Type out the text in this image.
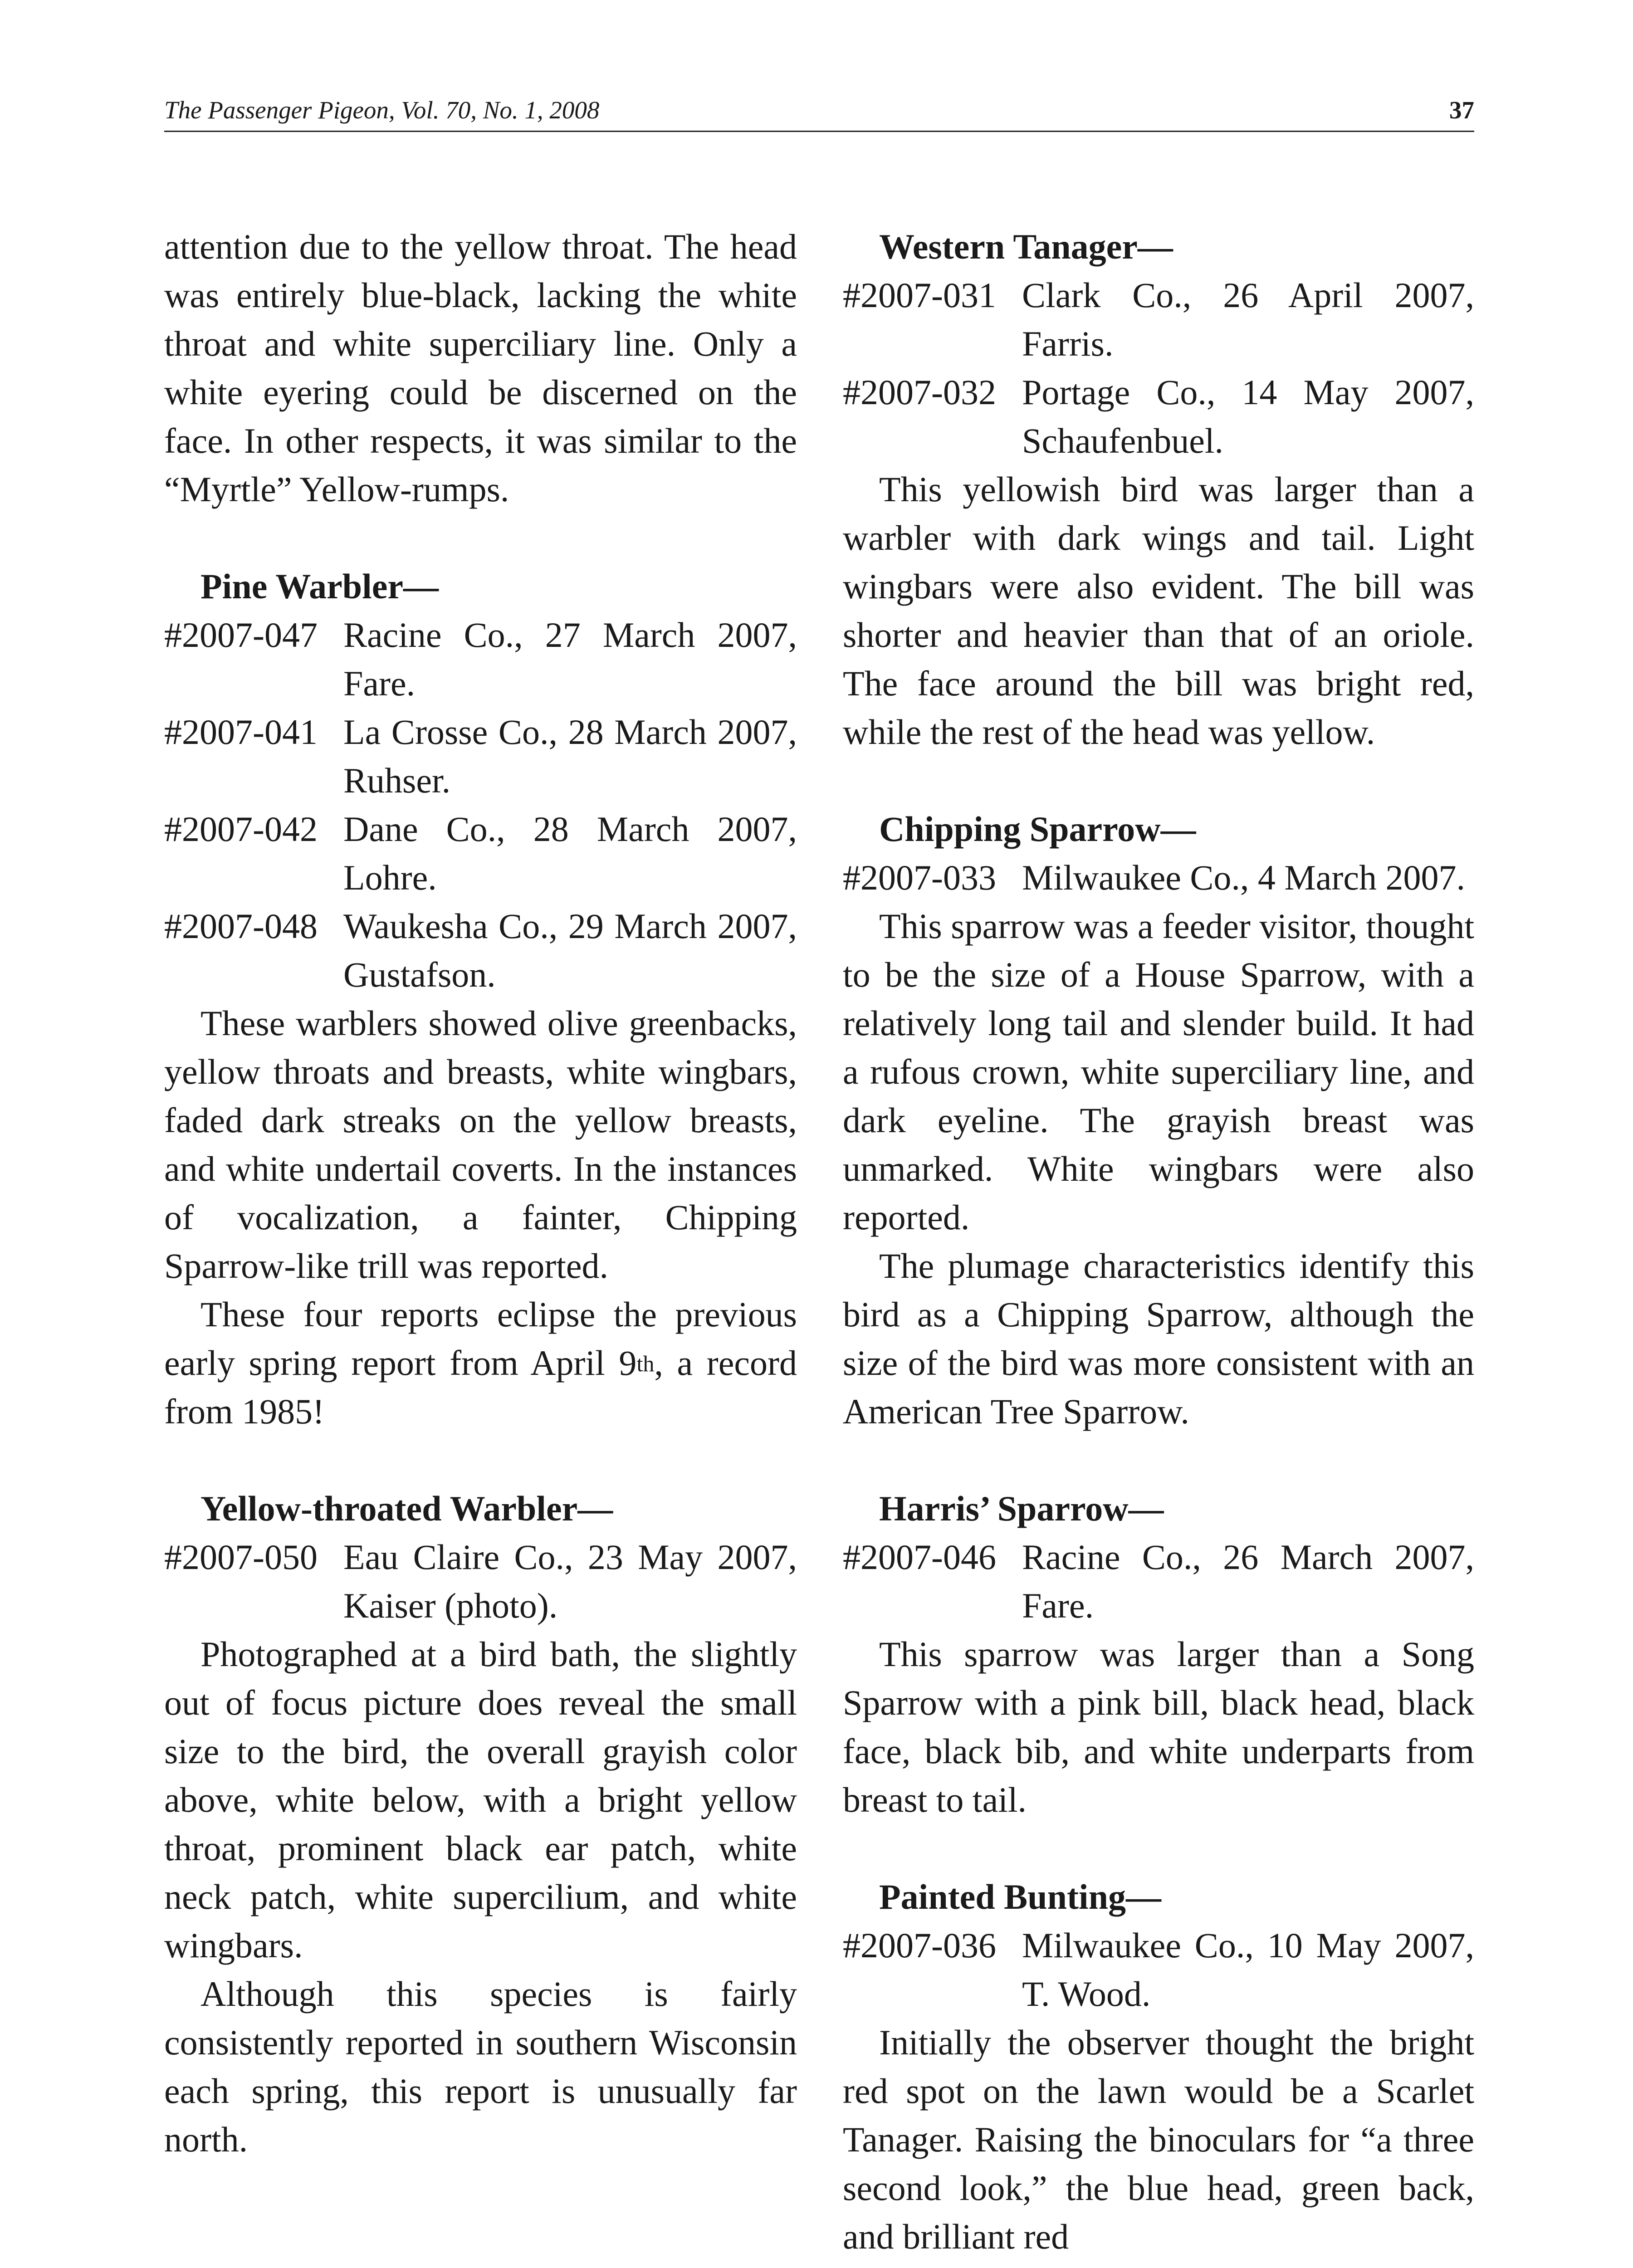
The Passenger Pigeon, Vol. 70, No. 1, 2008	37

attention due to the yellow throat. The head was entirely blue-black, lacking the white throat and white superciliary line. Only a white eyering could be discerned on the face. In other respects, it was similar to the “Myrtle” Yellow-rumps.

Pine Warbler—

#2007-047 Racine Co., 27 March 2007, Fare.

#2007-041 La Crosse Co., 28 March 2007, Ruhser.

#2007-042 Dane Co., 28 March 2007, Lohre.

#2007-048 Waukesha Co., 29 March 2007, Gustafson.

These warblers showed olive greenbacks, yellow throats and breasts, white wingbars, faded dark streaks on the yellow breasts, and white undertail coverts. In the instances of vocalization, a fainter, Chipping Sparrow-like trill was reported.

These four reports eclipse the previous early spring report from April 9th, a record from 1985!

Yellow-throated Warbler—

#2007-050 Eau Claire Co., 23 May 2007, Kaiser (photo).

Photographed at a bird bath, the slightly out of focus picture does reveal the small size to the bird, the overall grayish color above, white below, with a bright yellow throat, prominent black ear patch, white neck patch, white supercilium, and white wingbars.

Although this species is fairly consistently reported in southern Wisconsin each spring, this report is unusually far north.

Western Tanager—

#2007-031 Clark Co., 26 April 2007, Farris.

#2007-032 Portage Co., 14 May 2007, Schaufenbuel.

This yellowish bird was larger than a warbler with dark wings and tail. Light wingbars were also evident. The bill was shorter and heavier than that of an oriole. The face around the bill was bright red, while the rest of the head was yellow.

Chipping Sparrow—

#2007-033 Milwaukee Co., 4 March 2007.

This sparrow was a feeder visitor, thought to be the size of a House Sparrow, with a relatively long tail and slender build. It had a rufous crown, white superciliary line, and dark eyeline. The grayish breast was unmarked. White wingbars were also reported.

The plumage characteristics identify this bird as a Chipping Sparrow, although the size of the bird was more consistent with an American Tree Sparrow.

Harris’ Sparrow—

#2007-046 Racine Co., 26 March 2007, Fare.

This sparrow was larger than a Song Sparrow with a pink bill, black head, black face, black bib, and white underparts from breast to tail.

Painted Bunting—

#2007-036 Milwaukee Co., 10 May 2007, T. Wood.

Initially the observer thought the bright red spot on the lawn would be a Scarlet Tanager. Raising the binoculars for “a three second look,” the blue head, green back, and brilliant red
